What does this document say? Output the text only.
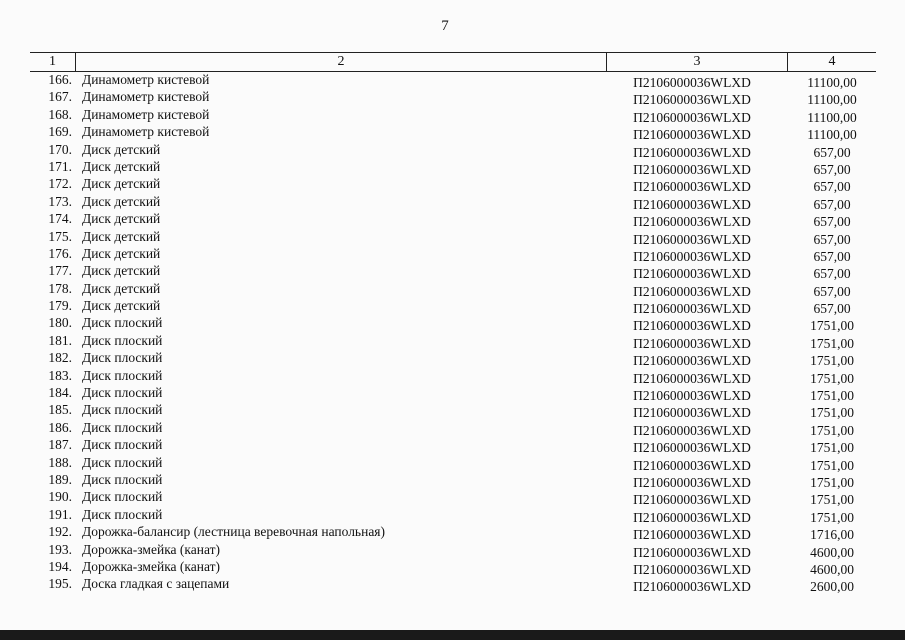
7
1	2	3	4
166. Динамометр кистевой	П2106000036WLXD	11100,00
167. Динамометр кистевой	П2106000036WLXD	11100,00
168. Динамометр кистевой	П2106000036WLXD	11100,00
169. Динамометр кистевой	П2106000036WLXD	11100,00
170. Диск детский	П2106000036WLXD	657,00
171. Диск детский	П2106000036WLXD	657,00
172. Диск детский	П2106000036WLXD	657,00
173. Диск детский	П2106000036WLXD	657,00
174. Диск детский	П2106000036WLXD	657,00
175. Диск детский	П2106000036WLXD	657,00
176. Диск детский	П2106000036WLXD	657,00
177. Диск детский	П2106000036WLXD	657,00
178. Диск детский	П2106000036WLXD	657,00
179. Диск детский	П2106000036WLXD	657,00
180. Диск плоский	П2106000036WLXD	1751,00
181. Диск плоский	П2106000036WLXD	1751,00
182. Диск плоский	П2106000036WLXD	1751,00
183. Диск плоский	П2106000036WLXD	1751,00
184. Диск плоский	П2106000036WLXD	1751,00
185. Диск плоский	П2106000036WLXD	1751,00
186. Диск плоский	П2106000036WLXD	1751,00
187. Диск плоский	П2106000036WLXD	1751,00
188. Диск плоский	П2106000036WLXD	1751,00
189. Диск плоский	П2106000036WLXD	1751,00
190. Диск плоский	П2106000036WLXD	1751,00
191. Диск плоский	П2106000036WLXD	1751,00
192. Дорожка-балансир (лестница веревочная напольная)	П2106000036WLXD	1716,00
193. Дорожка-змейка (канат)	П2106000036WLXD	4600,00
194. Дорожка-змейка (канат)	П2106000036WLXD	4600,00
195. Доска гладкая с зацепами	П2106000036WLXD	2600,00
